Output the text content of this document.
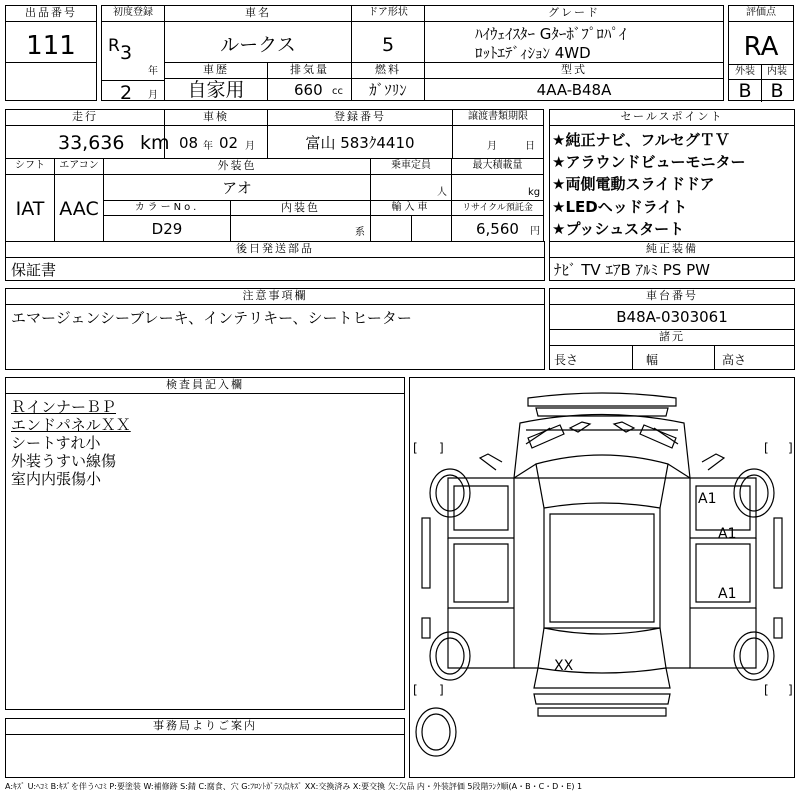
出品番号
111
初度登録
R 3
年
2 月
車名
ルークス
ドア形状
5
グレード
ﾊｲｳｪｲｽﾀｰ Gﾀｰﾎﾞﾌﾟﾛﾊﾟｲ
ﾛｯﾄｴﾃﾞｨｼｮﾝ 4WD
評価点
RA
外装	内装
B B
車歴
自家用
排気量
660 cc
燃料
ｶﾞｿﾘﾝ
型式
4AA-B48A
走行
33,636 km
車検
08 年 02 月
登録番号
富山 583ｸ4410
譲渡書類期限
月	日
セールスポイント
★純正ナビ、フルセグＴＶ
★アラウンドビューモニター
★両側電動スライドドア
★LEDヘッドライト
★プッシュスタート
シフト
IAT
エアコン
AAC
外装色
アオ
乗車定員
人
最大積載量
kg
カラーNo.
D29
内装色
系
輸入車	リサイクル預託金
6,560 円
後日発送部品
保証書
純正装備
ﾅﾋﾞ TV ｴｱB ｱﾙﾐ PS PW
注意事項欄
エマージェンシーブレーキ、インテリキー、シートヒーター
車台番号
B48A-0303061
諸元
長さ	幅	高さ
検査員記入欄
ＲインナーＢＰ
エンドパネルＸＸ
シートすれ小
外装うすい線傷
室内内張傷小
事務局よりご案内
[ ]	[ ]
[ ]	[ ]
A1
A1
A1
XX
A:ｷｽﾞ U:ﾍｺﾐ B:ｷｽﾞを伴うﾍｺﾐ P:要塗装 W:補修跡 S:錆 C:腐食、穴 G:ﾌﾛﾝﾄｶﾞﾗｽ点ｷｽﾞ XX:交換済み X:要交換 欠:欠品 内・外装評価 5段階ﾗﾝｸ順(A・B・C・D・E) 1
